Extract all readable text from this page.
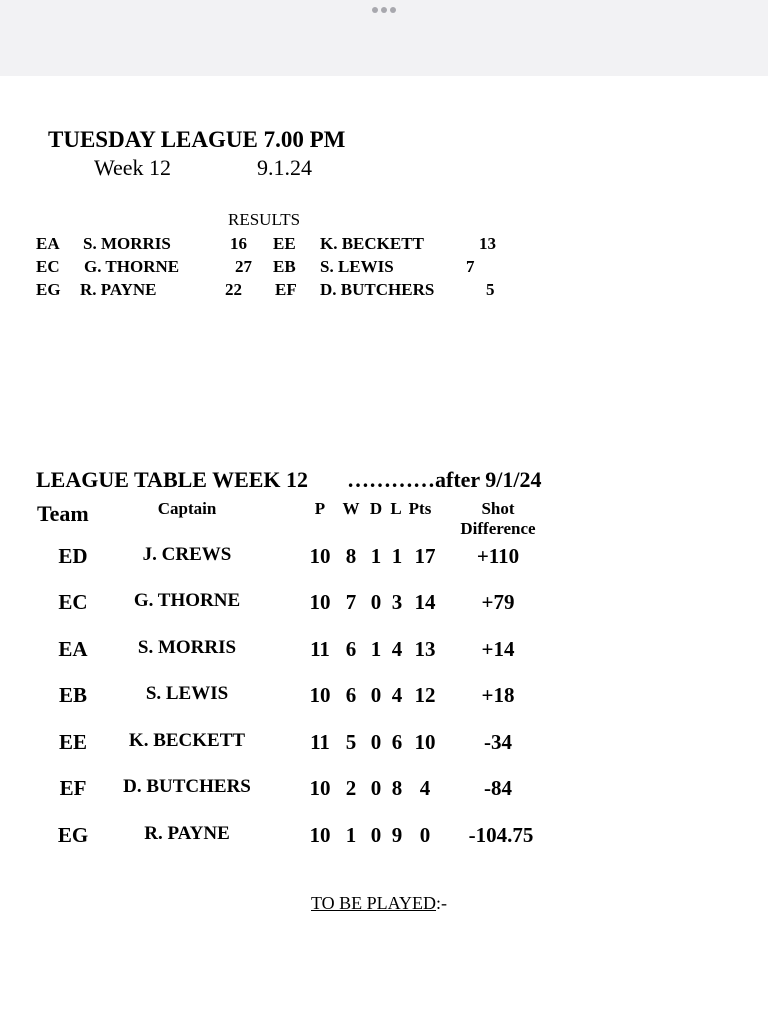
TUESDAY LEAGUE 7.00 PM
Week 12	9.1.24
RESULTS
EA S. MORRIS	16 EE K. BECKETT	13
EC G. THORNE	27 EB S. LEWIS	7
EG R. PAYNE	22 EF D. BUTCHERS	5
LEAGUE TABLE WEEK 12 …………after 9/1/24
Team	Captain	P W D L Pts	Shot
Difference
ED	J. CREWS	10 8 1 1 17 +110
EC G. THORNE	10 7 0 3 14 +79
EA	S. MORRIS	11 6 1 4 13 +14
EB	S. LEWIS	10 6 0 4 12 +18
EE K. BECKETT	11 5 0 6 10 -34
EF D. BUTCHERS	10 2 0 8 4	-84
EG	R. PAYNE	10 1 0 9 0 -104.75
TO BE PLAYED:-
